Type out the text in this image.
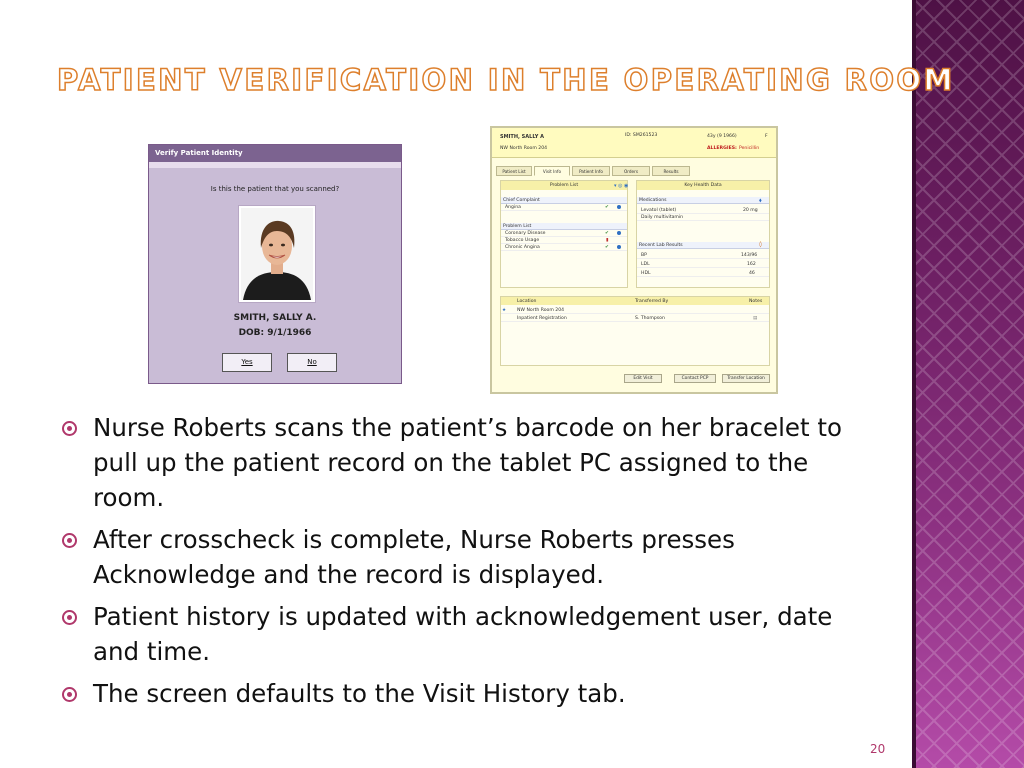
PATIENT VERIFICATION IN THE OPERATING ROOM
Verify Patient Identity
Is this the patient that you scanned?
SMITH, SALLY A.
DOB: 9/1/1966
Yes	No
SMITH, SALLY A	ID: SM261523	43y (9 1966)	F
NW North Room 204	ALLERGIES: Penicillin
Patient List	Visit Info	Patient Info	Orders	Results
Problem List	▾ ◎ ◉
Chief Complaint
Angina	✔
Problem List
Coronary Disease	✔
Tobacco Usage	▮
Chronic Angina	✔
Key Health Data
Medications	⬧
Levatol (tablet)	20 mg
Daily multivitamin
Recent Lab Results	◊
BP	143/96
LDL	162
HDL	46
Location	Transferred By	Notes
★ NW North Room 204
Inpatient Registration	S. Thompson	▤
Edit Visit	Contact PCP	Transfer Location
Nurse Roberts scans the patient’s barcode on her bracelet to pull up the patient record on the tablet PC assigned to the room.
After crosscheck is complete, Nurse Roberts presses Acknowledge and the record is displayed.
Patient history is updated with acknowledgement user, date and time.
The screen defaults to the Visit History tab.
20
